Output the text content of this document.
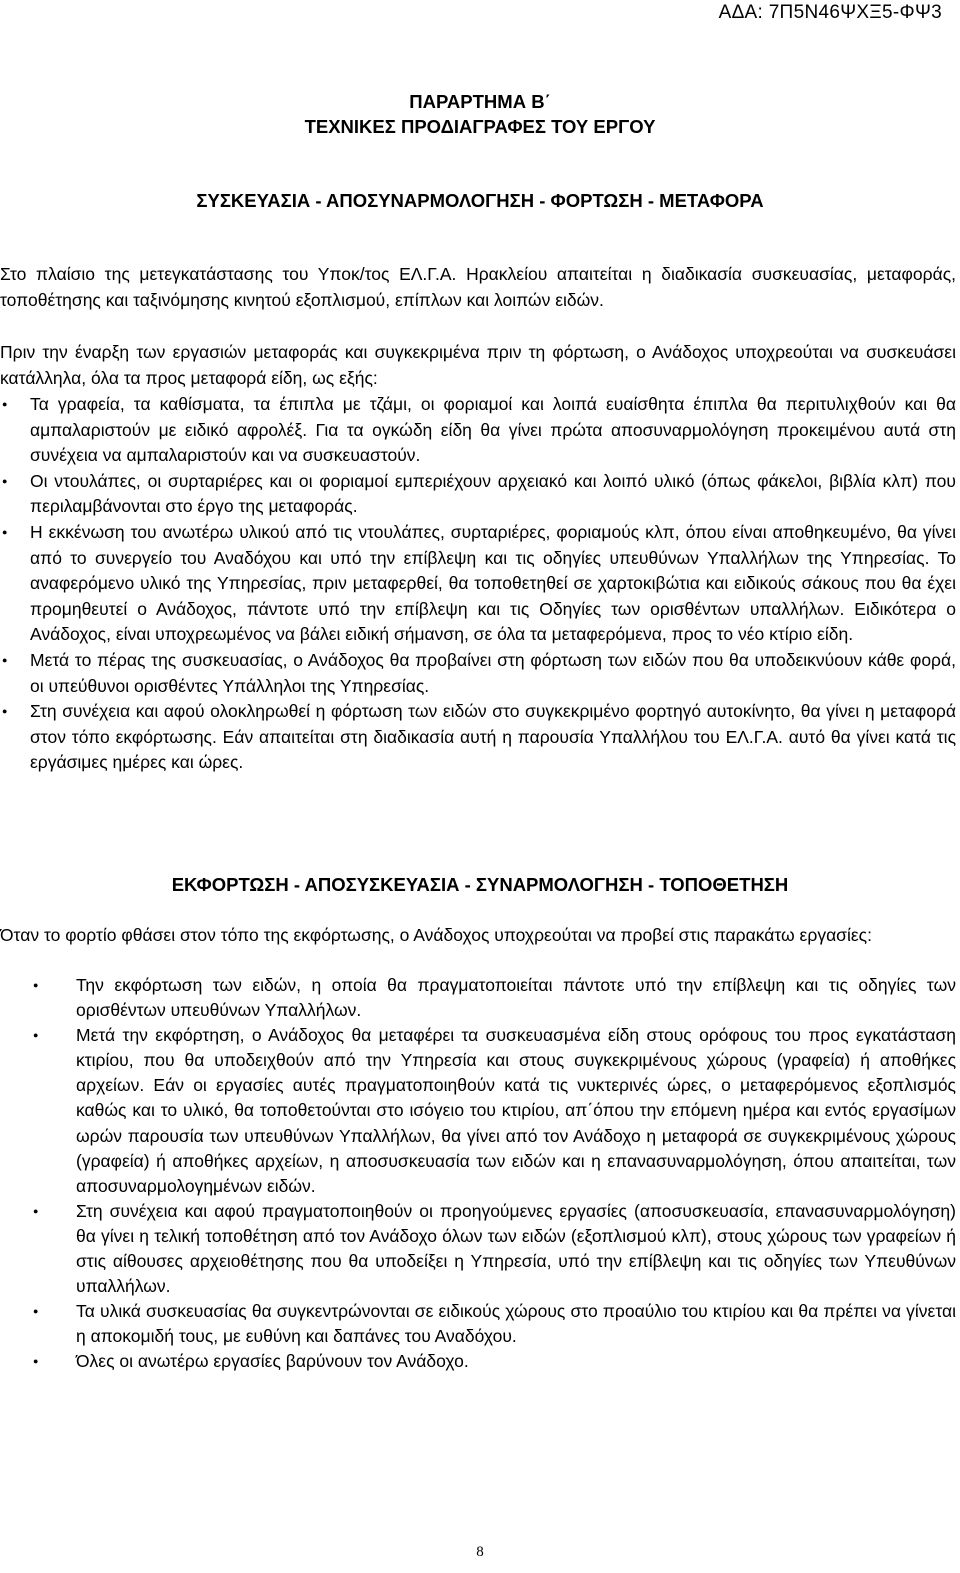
ΑΔΑ: 7Π5Ν46ΨΧΞ5-ΦΨ3
ΠΑΡΑΡΤΗΜΑ Β΄
ΤΕΧΝΙΚΕΣ ΠΡΟΔΙΑΓΡΑΦΕΣ ΤΟΥ ΕΡΓΟΥ
ΣΥΣΚΕΥΑΣΙΑ - ΑΠΟΣΥΝΑΡΜΟΛΟΓΗΣΗ - ΦΟΡΤΩΣΗ - ΜΕΤΑΦΟΡΑ
Στο πλαίσιο της μετεγκατάστασης του Υποκ/τος ΕΛ.Γ.Α. Ηρακλείου απαιτείται η διαδικασία συσκευασίας, μεταφοράς, τοποθέτησης και ταξινόμησης κινητού εξοπλισμού, επίπλων και λοιπών ειδών.
Πριν την έναρξη των εργασιών μεταφοράς και συγκεκριμένα πριν τη φόρτωση, ο Ανάδοχος υποχρεούται να συσκευάσει κατάλληλα, όλα τα προς μεταφορά είδη, ως εξής:
● Τα γραφεία, τα καθίσματα, τα έπιπλα με τζάμι, οι φοριαμοί και λοιπά ευαίσθητα έπιπλα θα περιτυλιχθούν και θα αμπαλαριστούν με ειδικό αφρολέξ. Για τα ογκώδη είδη θα γίνει πρώτα αποσυναρμολόγηση προκειμένου αυτά στη συνέχεια να αμπαλαριστούν και να συσκευαστούν.
● Οι ντουλάπες, οι συρταριέρες και οι φοριαμοί εμπεριέχουν αρχειακό και λοιπό υλικό (όπως φάκελοι, βιβλία κλπ) που περιλαμβάνονται στο έργο της μεταφοράς.
● Η εκκένωση του ανωτέρω υλικού από τις ντουλάπες, συρταριέρες, φοριαμούς κλπ, όπου είναι αποθηκευμένο, θα γίνει από το συνεργείο του Αναδόχου και υπό την επίβλεψη και τις οδηγίες υπευθύνων Υπαλλήλων της Υπηρεσίας. Το αναφερόμενο υλικό της Υπηρεσίας, πριν μεταφερθεί, θα τοποθετηθεί σε χαρτοκιβώτια και ειδικούς σάκους που θα έχει προμηθευτεί ο Ανάδοχος, πάντοτε υπό την επίβλεψη και τις Οδηγίες των ορισθέντων υπαλλήλων. Ειδικότερα ο Ανάδοχος, είναι υποχρεωμένος να βάλει ειδική σήμανση, σε όλα τα μεταφερόμενα, προς το νέο κτίριο είδη.
● Μετά το πέρας της συσκευασίας, ο Ανάδοχος θα προβαίνει στη φόρτωση των ειδών που θα υποδεικνύουν κάθε φορά, οι υπεύθυνοι ορισθέντες Υπάλληλοι της Υπηρεσίας.
● Στη συνέχεια και αφού ολοκληρωθεί η φόρτωση των ειδών στο συγκεκριμένο φορτηγό αυτοκίνητο, θα γίνει η μεταφορά στον τόπο εκφόρτωσης. Εάν απαιτείται στη διαδικασία αυτή η παρουσία Υπαλλήλου του ΕΛ.Γ.Α. αυτό θα γίνει κατά τις εργάσιμες ημέρες και ώρες.
ΕΚΦΟΡΤΩΣΗ - ΑΠΟΣΥΣΚΕΥΑΣΙΑ - ΣΥΝΑΡΜΟΛΟΓΗΣΗ - ΤΟΠΟΘΕΤΗΣΗ
Όταν το φορτίο φθάσει στον τόπο της εκφόρτωσης, ο Ανάδοχος υποχρεούται να προβεί στις παρακάτω εργασίες:
● Την εκφόρτωση των ειδών, η οποία θα πραγματοποιείται πάντοτε υπό την επίβλεψη και τις οδηγίες των ορισθέντων υπευθύνων Υπαλλήλων.
● Μετά την εκφόρτηση, ο Ανάδοχος θα μεταφέρει τα συσκευασμένα είδη στους ορόφους του προς εγκατάσταση κτιρίου, που θα υποδειχθούν από την Υπηρεσία και στους συγκεκριμένους χώρους (γραφεία) ή αποθήκες αρχείων. Εάν οι εργασίες αυτές πραγματοποιηθούν κατά τις νυκτερινές ώρες, ο μεταφερόμενος εξοπλισμός καθώς και το υλικό, θα τοποθετούνται στο ισόγειο του κτιρίου, απ΄όπου την επόμενη ημέρα και εντός εργασίμων ωρών παρουσία των υπευθύνων Υπαλλήλων, θα γίνει από τον Ανάδοχο η μεταφορά σε συγκεκριμένους χώρους (γραφεία) ή αποθήκες αρχείων, η αποσυσκευασία των ειδών και η επανασυναρμολόγηση, όπου απαιτείται, των αποσυναρμολογημένων ειδών.
● Στη συνέχεια και αφού πραγματοποιηθούν οι προηγούμενες εργασίες (αποσυσκευασία, επανασυναρμολόγηση) θα γίνει η τελική τοποθέτηση από τον Ανάδοχο όλων των ειδών (εξοπλισμού κλπ), στους χώρους των γραφείων ή στις αίθουσες αρχειοθέτησης που θα υποδείξει η Υπηρεσία, υπό την επίβλεψη και τις οδηγίες των Υπευθύνων υπαλλήλων.
● Τα υλικά συσκευασίας θα συγκεντρώνονται σε ειδικούς χώρους στο προαύλιο του κτιρίου και θα πρέπει να γίνεται η αποκομιδή τους, με ευθύνη και δαπάνες του Αναδόχου.
● Όλες οι ανωτέρω εργασίες βαρύνουν τον Ανάδοχο.
8
